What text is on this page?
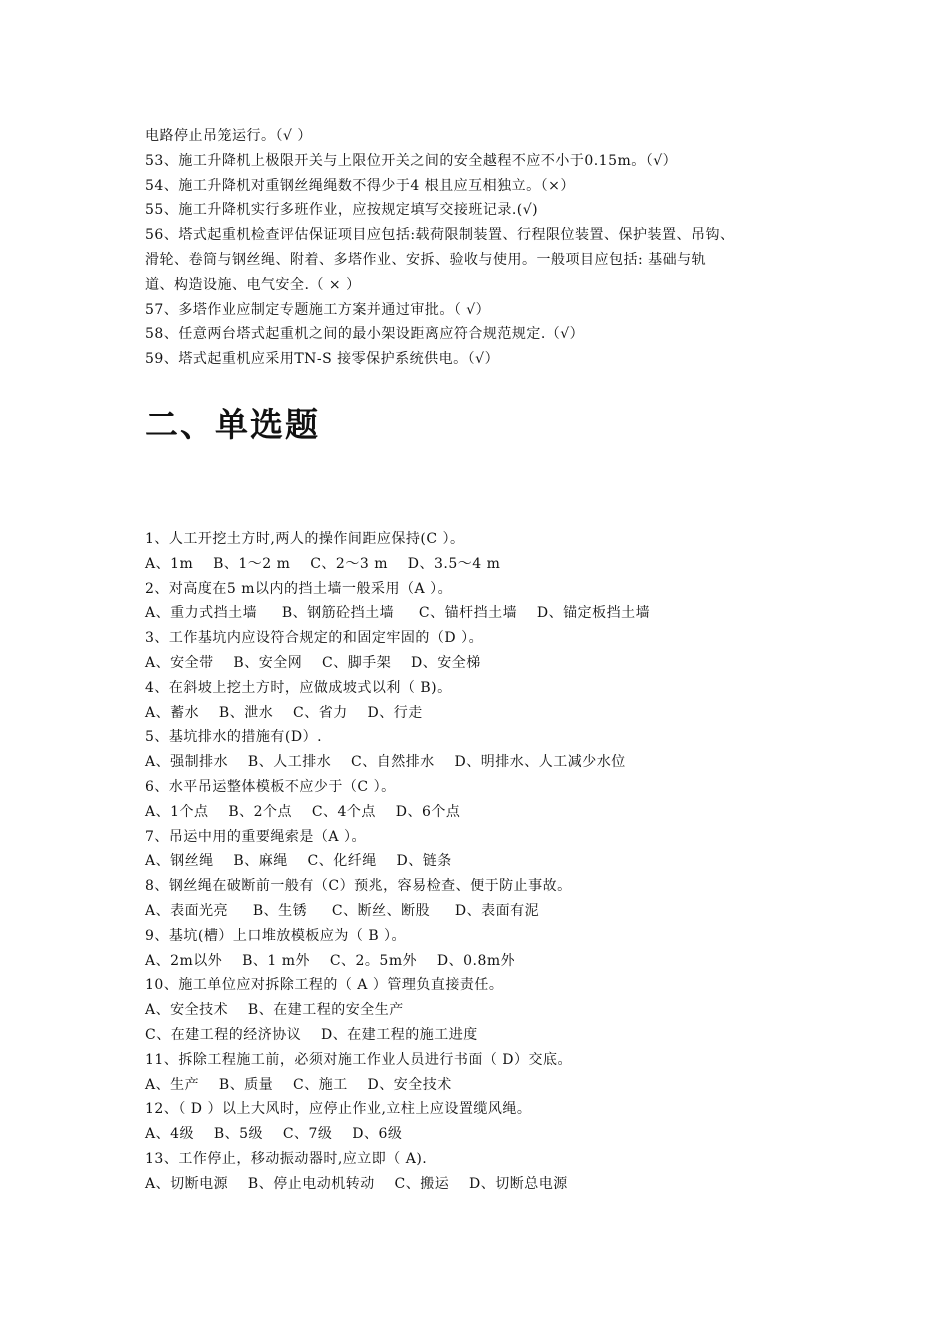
电路停止吊笼运行。（√ ）
53、施工升降机上极限开关与上限位开关之间的安全越程不应不小于0.15m。（√）
54、施工升降机对重钢丝绳绳数不得少于4 根且应互相独立。（×）
55、施工升降机实行多班作业，应按规定填写交接班记录.(√)
56、塔式起重机检查评估保证项目应包括:载荷限制装置、行程限位装置、保护装置、吊钩、
滑轮、卷筒与钢丝绳、附着、多塔作业、安拆、验收与使用。一般项目应包括: 基础与轨
道、构造设施、电气安全.（ × ）
57、多塔作业应制定专题施工方案并通过审批。（ √）
58、任意两台塔式起重机之间的最小架设距离应符合规范规定.（√）
59、塔式起重机应采用TN-S 接零保护系统供电。（√）
二、单选题
1、人工开挖土方时,两人的操作间距应保持(C ）。
A、1m    B、1～2 m    C、2～3 m    D、3.5～4 m
2、对高度在5 m以内的挡土墙一般采用（A ）。
A、重力式挡土墙     B、钢筋砼挡土墙     C、锚杆挡土墙    D、锚定板挡土墙
3、工作基坑内应设符合规定的和固定牢固的（D ）。
A、安全带    B、安全网    C、脚手架    D、安全梯
4、在斜坡上挖土方时，应做成坡式以利（ B)。
A、蓄水    B、泄水    C、省力    D、行走
5、基坑排水的措施有(D）.
A、强制排水    B、人工排水    C、自然排水    D、明排水、人工减少水位
6、水平吊运整体模板不应少于（C ）。
A、1个点    B、2个点    C、4个点    D、6个点
7、吊运中用的重要绳索是（A ）。
A、钢丝绳    B、麻绳    C、化纤绳    D、链条
8、钢丝绳在破断前一般有（C）预兆，容易检查、便于防止事故。
A、表面光亮     B、生锈     C、断丝、断股     D、表面有泥
9、基坑(槽）上口堆放模板应为（ B ）。
A、2m以外    B、1 m外    C、2。5m外    D、0.8m外
10、施工单位应对拆除工程的（ A ）管理负直接责任。
A、安全技术    B、在建工程的安全生产
C、在建工程的经济协议    D、在建工程的施工进度
11、拆除工程施工前，必须对施工作业人员进行书面（ D）交底。
A、生产    B、质量    C、施工    D、安全技术
12、（ D ）以上大风时，应停止作业,立柱上应设置缆风绳。
A、4级    B、5级    C、7级    D、6级
13、工作停止，移动振动器时,应立即（ A).
A、切断电源    B、停止电动机转动    C、搬运    D、切断总电源
